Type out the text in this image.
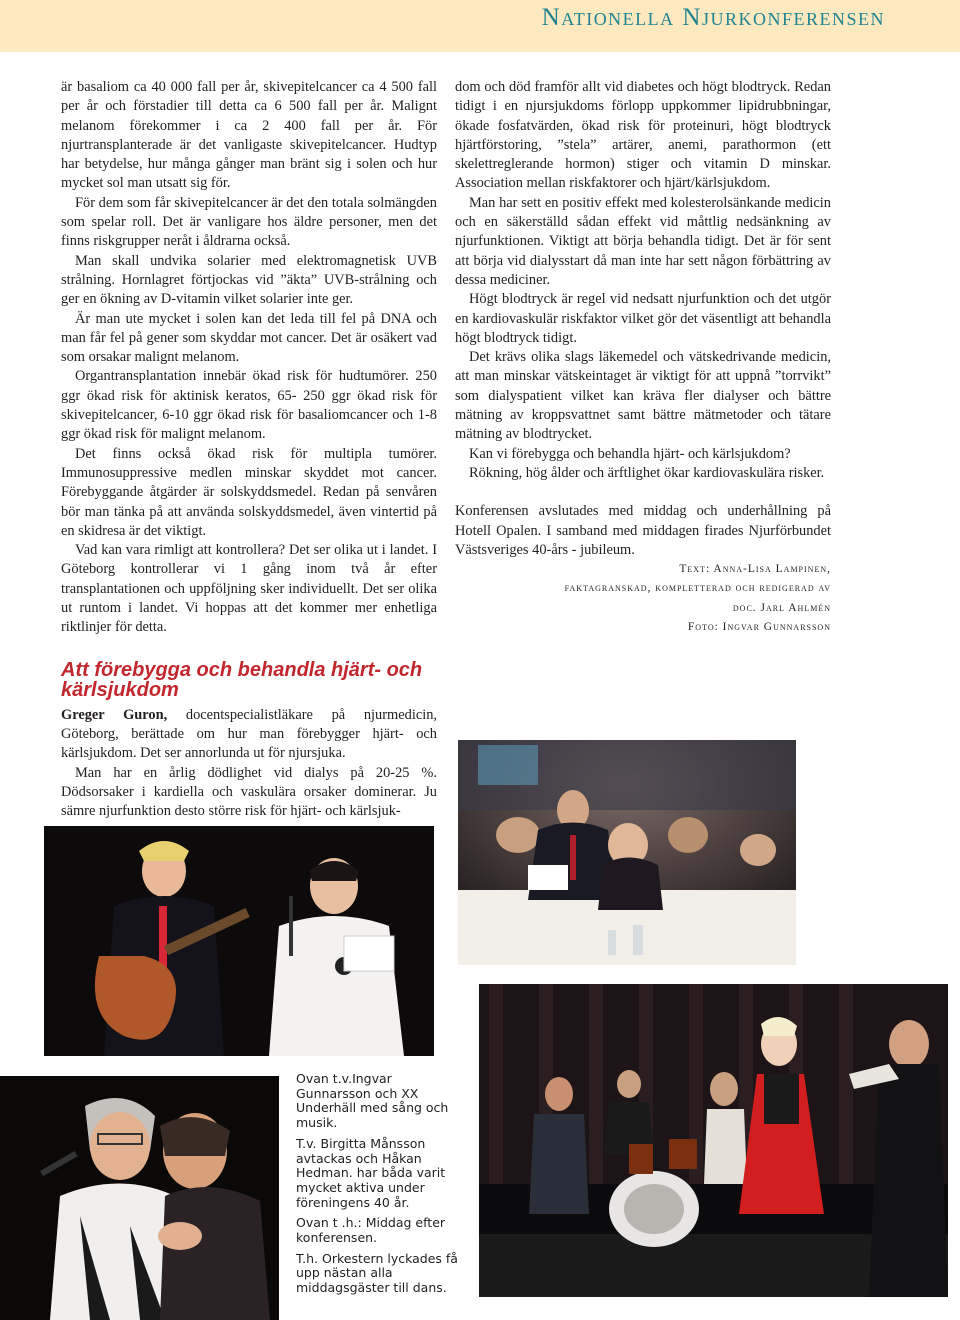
Nationella Njurkonferensen

är basaliom ca 40 000 fall per år, skivepitelcancer ca 4 500 fall per år och förstadier till detta ca 6 500 fall per år. Malignt melanom förekommer i ca 2 400 fall per år. För njurtransplanterade är det vanligaste skivepitelcancer. Hudtyp har betydelse, hur många gånger man bränt sig i solen och hur mycket sol man utsatt sig för.

För dem som får skivepitelcancer är det den totala solmängden som spelar roll. Det är vanligare hos äldre personer, men det finns riskgrupper neråt i åldrarna också.

Man skall undvika solarier med elektromagnetisk UVB strålning. Hornlagret förtjockas vid ”äkta” UVB-strålning och ger en ökning av D-vitamin vilket solarier inte ger.

Är man ute mycket i solen kan det leda till fel på DNA och man får fel på gener som skyddar mot cancer. Det är osäkert vad som orsakar malignt melanom.

Organtransplantation innebär ökad risk för hudtumörer. 250 ggr ökad risk för aktinisk keratos, 65- 250 ggr ökad risk för skivepitelcancer, 6-10 ggr ökad risk för basaliomcancer och 1-8 ggr ökad risk för malignt melanom.

Det finns också ökad risk för multipla tumörer. Immunosuppressive medlen minskar skyddet mot cancer. Förebyggande åtgärder är solskyddsmedel. Redan på senvåren bör man tänka på att använda solskyddsmedel, även vintertid på en skidresa är det viktigt.

Vad kan vara rimligt att kontrollera? Det ser olika ut i landet. I Göteborg kontrollerar vi 1 gång inom två år efter transplantationen och uppföljning sker individuellt. Det ser olika ut runtom i landet. Vi hoppas att det kommer mer enhetliga riktlinjer för detta.

Att förebygga och behandla hjärt- och kärlsjukdom

Greger Guron, docentspecialistläkare på njurmedicin, Göteborg, berättade om hur man förebygger hjärt- och kärlsjukdom. Det ser annorlunda ut för njursjuka.

Man har en årlig dödlighet vid dialys på 20-25 %. Dödsorsaker i kardiella och vaskulära orsaker dominerar. Ju sämre njurfunktion desto större risk för hjärt- och kärlsjuk-

dom och död framför allt vid diabetes och högt blodtryck. Redan tidigt i en njursjukdoms förlopp uppkommer lipidrubbningar, ökade fosfatvärden, ökad risk för proteinuri, högt blodtryck hjärtförstoring, ”stela” artärer, anemi, parathormon (ett skelettreglerande hormon) stiger och vitamin D minskar. Association mellan riskfaktorer och hjärt/kärlsjukdom.

Man har sett en positiv effekt med kolesterolsänkande medicin och en säkerställd sådan effekt vid måttlig nedsänkning av njurfunktionen. Viktigt att börja behandla tidigt. Det är för sent att börja vid dialysstart då man inte har sett någon förbättring av dessa mediciner.

Högt blodtryck är regel vid nedsatt njurfunktion och det utgör en kardiovaskulär riskfaktor vilket gör det väsentligt att behandla högt blodtryck tidigt.

Det krävs olika slags läkemedel och vätskedrivande medicin, att man minskar vätskeintaget är viktigt för att uppnå ”torrvikt” som dialyspatient vilket kan kräva fler dialyser och bättre mätning av kroppsvattnet samt bättre mätmetoder och tätare mätning av blodtrycket.

Kan vi förebygga och behandla hjärt- och kärlsjukdom?

Rökning, hög ålder och ärftlighet ökar kardiovaskulära risker.

Konferensen avslutades med middag och underhållning på Hotell Opalen. I samband med middagen firades Njurförbundet Västsveriges 40-års - jubileum.

Text: Anna-Lisa Lampinen,
faktagranskad, kompletterad och redigerad av
doc. Jarl Ahlmén
Foto: Ingvar Gunnarsson

Ovan t.v.Ingvar Gunnarsson och XX
Underhäll med sång och musik.

T.v. Birgitta Månsson avtackas och Håkan Hedman. har båda varit mycket aktiva under föreningens 40 år.

Ovan t .h.: Middag efter konferensen.

T.h. Orkestern lyckades få upp nästan alla middagsgäster till dans.
